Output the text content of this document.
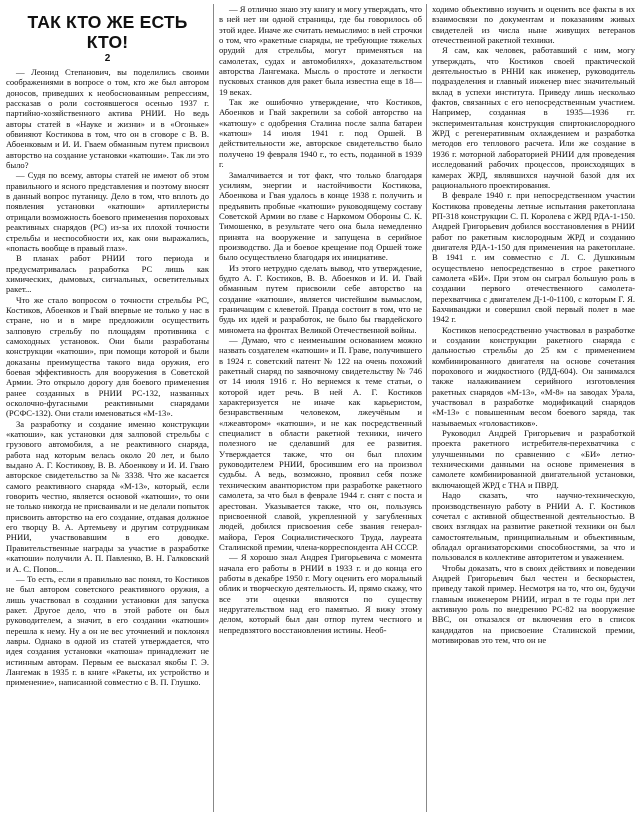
ТАК КТО ЖЕ ЕСТЬ
КТО!
2

— Леонид Степанович, вы поделились своими соображениями в вопросе о том, кто же был автором доносов, приведших к необоснованным репрессиям, рассказав о роли состоявшегося осенью 1937 г. партийно-хозяйственного актива РНИИ. Но ведь авторы статей в «Науке и жизни» и в «Огоньке» обвиняют Костикова в том, что он в сговоре с В. В. Абоенковым и И. И. Гваем обманным путем присвоил авторство на создание установки «катюши». Так ли это было?

— Судя по всему, авторы статей не имеют об этом правильного и ясного представления и поэтому вносят в данный вопрос путаницу. Дело в том, что вплоть до появления установки «катюши» артиллеристы отрицали возможность боевого применения пороховых реактивных снарядов (РС) из-за их плохой точности стрельбы и неспособности их, как они выражались, «попасть вообще в правый глаз».

В планах работ РНИИ того периода и предусматривалась разработка РС лишь как химических, дымовых, сигнальных, осветительных ракет...

Что же стало вопросом о точности стрельбы РС, Костиков, Абоенков и Гвай впервые не только у нас в стране, но и в мире предложили осуществить залповую стрельбу по площадям противника с самоходных установок. Они были разработаны конструкции «катюши», при помощи которой и были доказаны преимущества такого вида оружия, его боевая эффективность для вооружения в Советской Армии. Это открыло дорогу для боевого применения ранее созданных в РНИИ РС-132, названных осколочно-фугасными реактивными снарядами (РСФС-132). Они стали именоваться «М-13».

За разработку и создание именно конструкции «катюши», как установки для залповой стрельбы с грузового автомобиля, а не реактивного снаряда, работа над которым велась около 20 лет, и было выдано А. Г. Костикову, В. В. Абоенкову и И. И. Гваю авторское свидетельство за № 3338. Что же касается самого реактивного снаряда «М-13», который, если говорить честно, является основой «катюши», то они не только никогда не присваивали и не делали попыток присвоить авторство на его создание, отдавая должное его творцу В. А. Артемьеву и другим сотрудникам РНИИ, участвовавшим в его доводке. Правительственные награды за участие в разработке «катюши» получили А. П. Павленко, В. Н. Галковский и А. С. Попов...

— То есть, если я правильно вас понял, то Костиков не был автором советского реактивного оружия, а лишь участвовал в создании установки для запуска ракет. Другое дело, что в этой работе он был руководителем, а значит, в его создании «катюши» перешла к нему. Ну а он не вес уточнений и поклонял лавры. Однако в одной из статей утверждается, что идея создания установки «катюша» принадлежит не истинным авторам. Первым ее высказал якобы Г. Э. Лангемак в 1935 г. в книге «Ракеты, их устройство и применение», написанной совместно с В. П. Глушко.

— Я отлично знаю эту книгу и могу утверждать, что в ней нет ни одной страницы, где бы говорилось об этой идее. Иначе же считать немыслимо: в ней строчки о том, что «ракетные снаряды, не требующие тяжелых орудий для стрельбы, могут применяться на самолетах, судах и автомобилях», доказательством авторства Лангемака. Мысль о простоте и легкости пусковых станков для ракет была известна еще в 18—19 веках.

Так же ошибочно утверждение, что Костиков, Абоенков и Гвай закрепили за собой авторство на «катюшу» с одобрения Сталина после залпа батареи «катюш» 14 июля 1941 г. под Оршей. В действительности же, авторское свидетельство было получено 19 февраля 1940 г., то есть, поданной в 1939 г.

Замалчивается и тот факт, что только благодаря усилиям, энергии и настойчивости Костикова, Абоенкова и Гвая удалось в конце 1938 г. получить и предъявить пробные «катюши» руководящему составу Советской Армии во главе с Наркомом Обороны С. К. Тимошенко, в результате чего она была немедленно принята на вооружение и запущена в серийное производство. Да и боевое крещение под Оршей тоже было осуществлено благодаря их инициативе.

Из этого нетрудно сделать вывод, что утверждение, будто А. Г. Костиков, В. В. Абоенков и И. И. Гвай обманным путем присвоили себе авторство на создание «катюши», является чистейшим вымыслом, граничащим с клеветой. Правда состоит в том, что не будь их идей и разработок, не было бы гвардейского миномета на фронтах Великой Отечественной войны.

— Думаю, что с неименьшим основанием можно назвать создателем «катюши» и П. Граве, получившего в 1924 г. советский патент № 122 на очень похожий ракетный снаряд по заявочному свидетельству № 746 от 14 июля 1916 г. Но вернемся к теме статьи, о которой идет речь. В ней А. Г. Костиков характеризуется не иначе как карьеристом, безнравственным человеком, лжеучёным и «лжеавтором» «катюши», и не как посредственный специалист в области ракетной техники, ничего полезного не сделавший для ее развития. Утверждается также, что он был плохим руководителем РНИИ, бросившим его на произвол судьбы. А ведь, возможно, проявил себя позже техническим авантюристом при разработке ракетного самолета, за что был в феврале 1944 г. снят с поста и арестован. Указывается также, что он, пользуясь присвоенной славой, укрепленной у загубленных людей, добился присвоения себе звания генерал-майора, Героя Социалистического Труда, лауреата Сталинской премии, члена-корреспондента АН СССР.

— Я хорошо знал Андрея Григорьевича с момента начала его работы в РНИИ в 1933 г. и до конца его работы в декабре 1950 г. Могу оценить его моральный облик и творческую деятельность. И, прямо скажу, что все эти оценки являются по существу недругательством над его памятью. Я вижу этому делом, который был дан отпор путем честного и непредвзятого восстановления истины. Необ-

ходимо объективно изучить и оценить все факты в их взаимосвязи по документам и показаниям живых свидетелей из числа ныне живущих ветеранов отечественной ракетной техники.

Я сам, как человек, работавший с ним, могу утверждать, что Костиков своей практической деятельностью в РННИ как инженер, руководитель подразделения и главный инженер внес значительный вклад в успехи института. Приведу лишь несколько фактов, связанных с его непосредственным участием. Например, созданная в 1935—1936 гг. экспериментальная конструкция спиртокислородного ЖРД с регенеративным охлаждением и разработка методов его теплового расчета. Или же создание в 1936 г. моторной лабораторией РНИИ для проведения исследований рабочих процессов, происходящих в камерах ЖРД, являвшихся научной базой для их рационального проектирования.

В феврале 1940 г. при непосредственном участии Костикова проведены летные испытания ракетоплана РП-318 конструкции С. П. Королева с ЖРД РДА-1-150. Андрей Григорьевич добился восстановления в РНИИ работ по ракетным кислородным ЖРД и созданию двигателя РДА-1-150 для применения на ракетоплане. В 1941 г. им совместно с Л. С. Душкиным осуществлено непосредственно в строе ракетного самолета «БИ». При этом он сыграл большую роль в создании первого отечественного самолета-перехватчика с двигателем Д-1-0-1100, с которым Г. Я. Бахчиванджи и совершил свой первый полет в мае 1942 г.

Костиков непосредственно участвовал в разработке и создании конструкции ракетного снаряда с дальностью стрельбы до 25 км с применением комбинированного двигателя на основе сочетания порохового и жидкостного (РДД-604). Он занимался также налаживанием серийного изготовления ракетных снарядов «М-13», «М-8» на заводах Урала, участвовал в разработке модификаций снарядов «М-13» с повышенным весом боевого заряда, так называемых «головастиков».

Руководил Андрей Григорьевич и разработкой проекта ракетного истребителя-перехватчика с улучшенными по сравнению с «БИ» летно-техническими данными на основе применения в самолете комбинированной двигательной установки, включающей ЖРД с ТНА и ПВРД.

Надо сказать, что научно-техническую, производственную работу в РНИИ А. Г. Костиков сочетал с активной общественной деятельностью. В своих взглядах на развитие ракетной техники он был самостоятельным, принципиальным и объективным, обладал организаторскими способностями, за что и пользовался в коллективе авторитетом и уважением.

Чтобы доказать, что в своих действиях и поведении Андрей Григорьевич был честен и бескорыстен, приведу такой пример. Несмотря на то, что он, будучи главным инженером РНИИ, играл в те годы при лет активную роль по внедрению РС-82 на вооружение ВВС, он отказался от включения его в список кандидатов на присвоение Сталинской премии, мотивировав это тем, что он не
